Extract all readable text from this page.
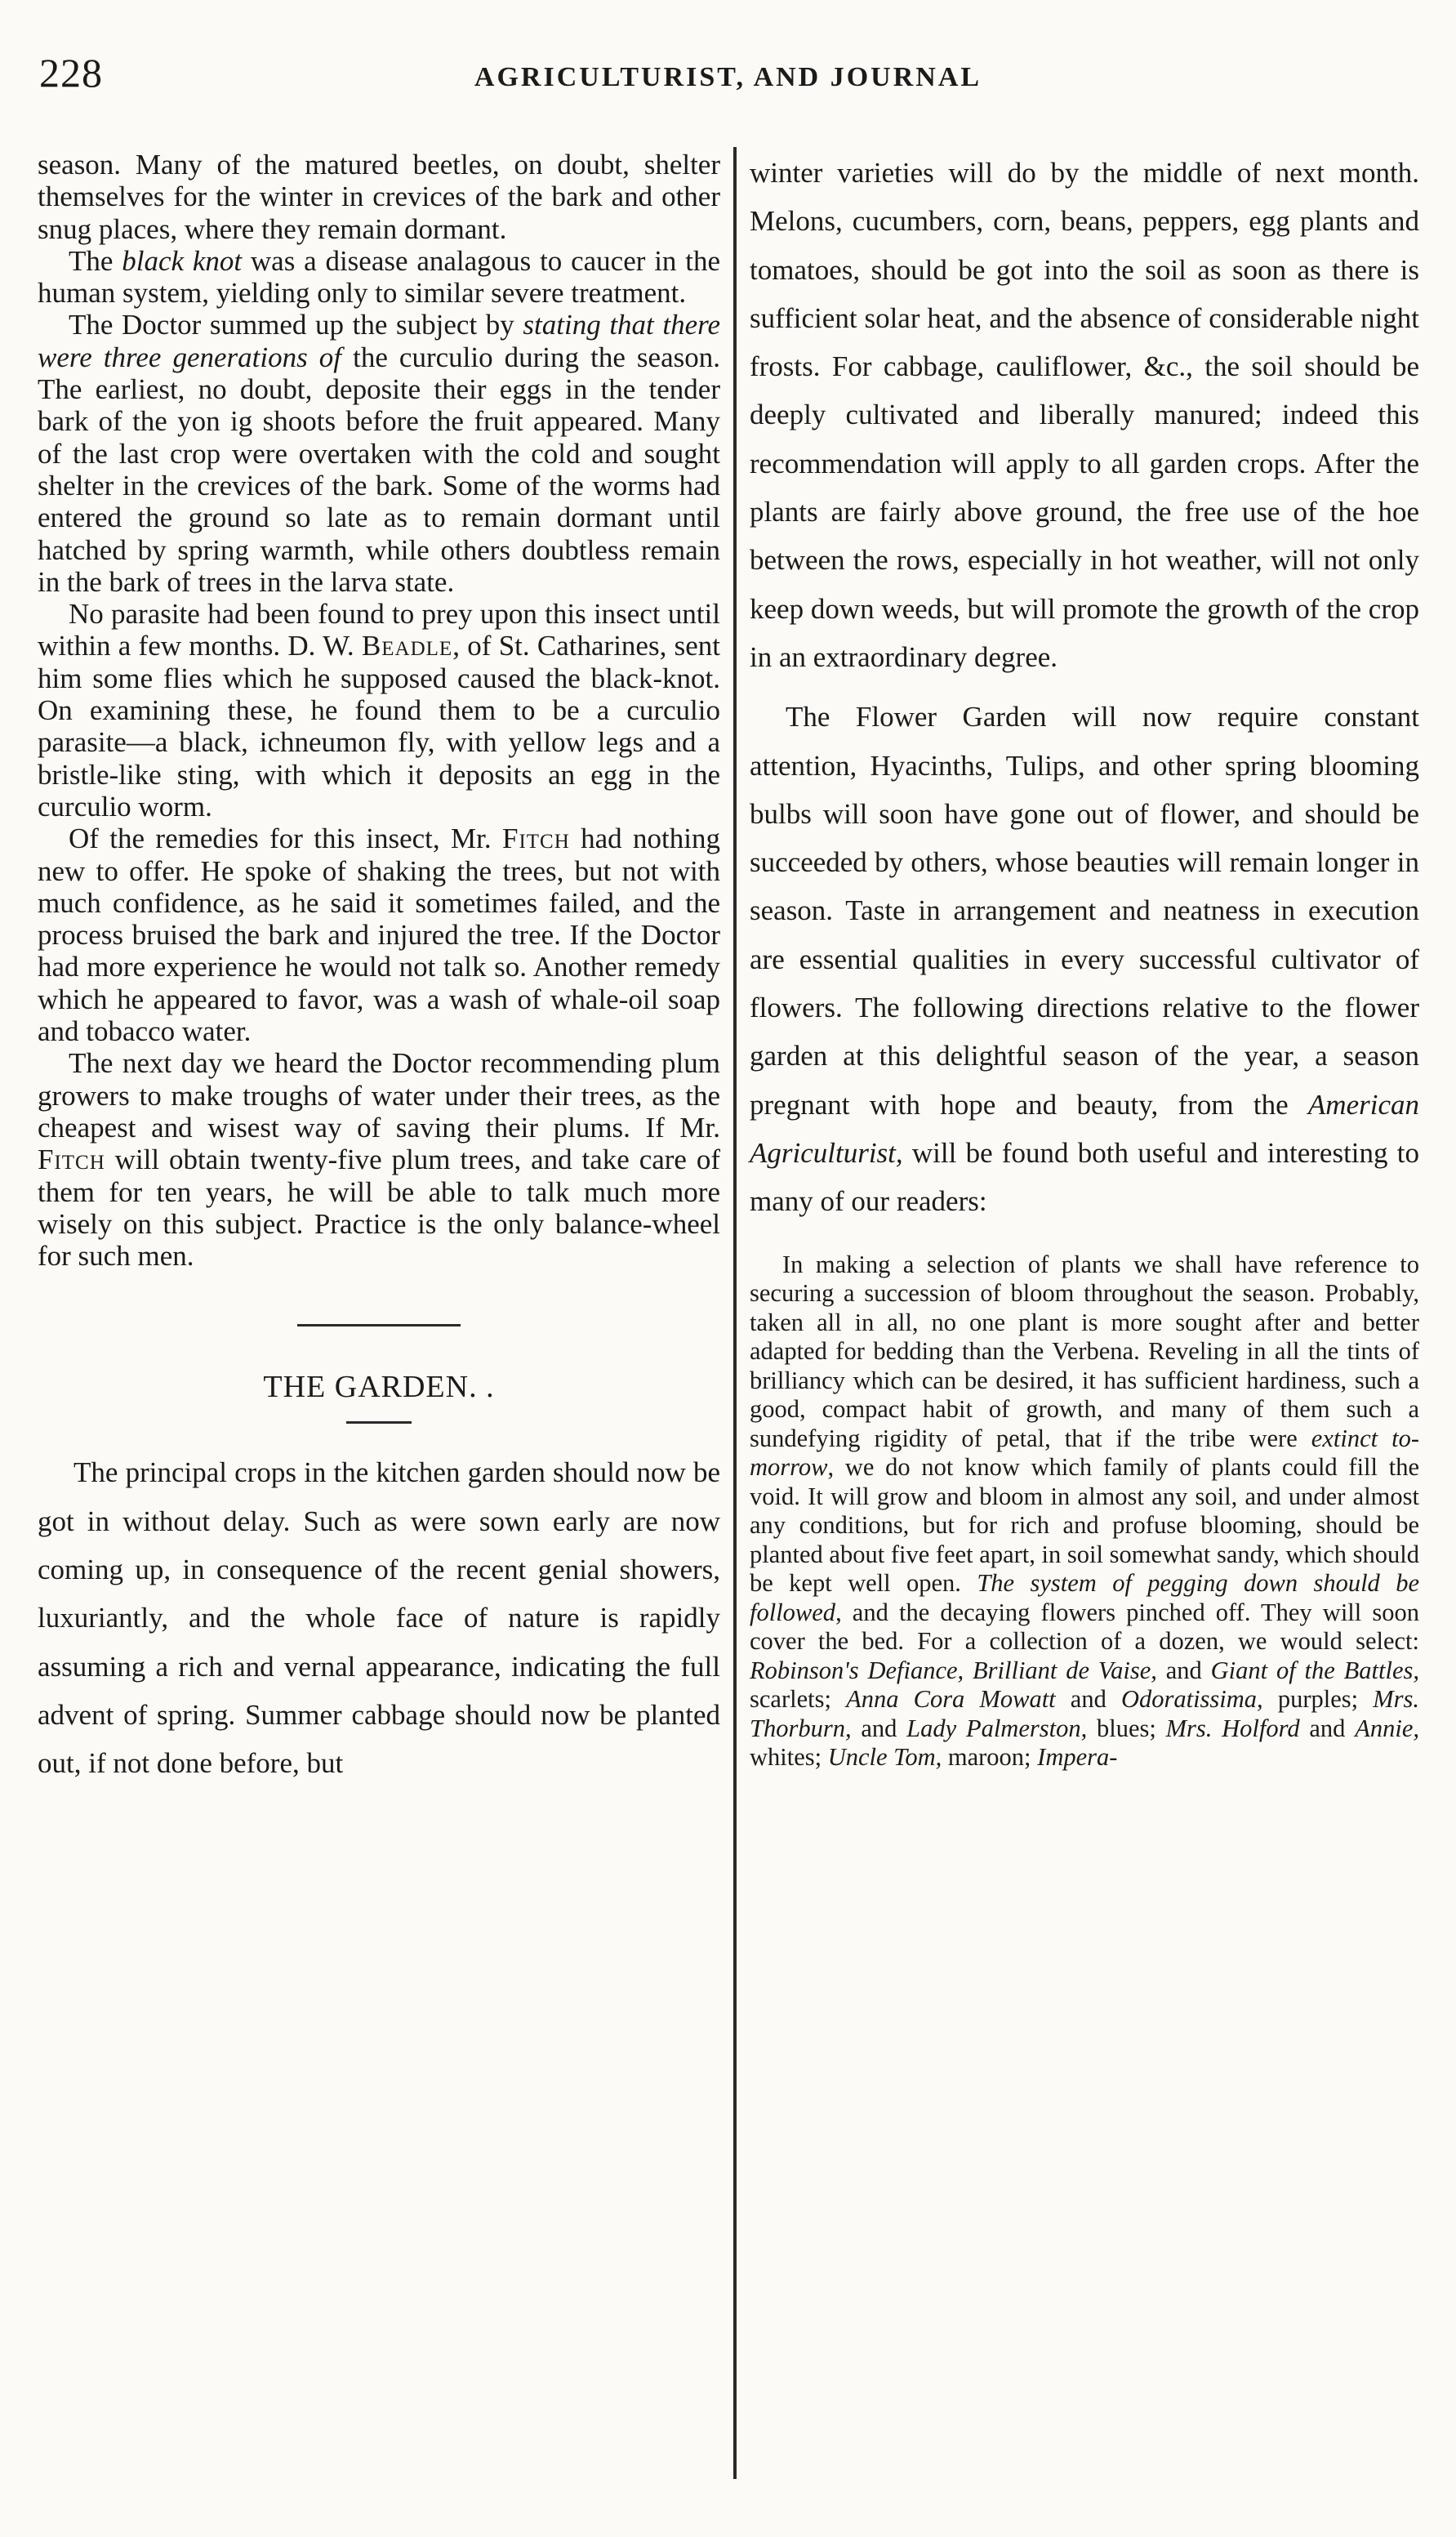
228	AGRICULTURIST, AND JOURNAL

season. Many of the matured beetles, on doubt, shelter themselves for the winter in crevices of the bark and other snug places, where they remain dormant.

The black knot was a disease analagous to caucer in the human system, yielding only to similar severe treatment.

The Doctor summed up the subject by stating that there were three generations of the curculio during the season. The earliest, no doubt, deposite their eggs in the tender bark of the yon ig shoots before the fruit appeared. Many of the last crop were overtaken with the cold and sought shelter in the crevices of the bark. Some of the worms had entered the ground so late as to remain dormant until hatched by spring warmth, while others doubtless remain in the bark of trees in the larva state.

No parasite had been found to prey upon this insect until within a few months. D. W. Beadle, of St. Catharines, sent him some flies which he supposed caused the black-knot. On examining these, he found them to be a curculio parasite—a black, ichneumon fly, with yellow legs and a bristle-like sting, with which it deposits an egg in the curculio worm.

Of the remedies for this insect, Mr. Fitch had nothing new to offer. He spoke of shaking the trees, but not with much confidence, as he said it sometimes failed, and the process bruised the bark and injured the tree. If the Doctor had more experience he would not talk so. Another remedy which he appeared to favor, was a wash of whale-oil soap and tobacco water.

The next day we heard the Doctor recommending plum growers to make troughs of water under their trees, as the cheapest and wisest way of saving their plums. If Mr. Fitch will obtain twenty-five plum trees, and take care of them for ten years, he will be able to talk much more wisely on this subject. Practice is the only balance-wheel for such men.

THE GARDEN. .

The principal crops in the kitchen garden should now be got in without delay. Such as were sown early are now coming up, in consequence of the recent genial showers, luxuriantly, and the whole face of nature is rapidly assuming a rich and vernal appearance, indicating the full advent of spring. Summer cabbage should now be planted out, if not done before, but

winter varieties will do by the middle of next month. Melons, cucumbers, corn, beans, peppers, egg plants and tomatoes, should be got into the soil as soon as there is sufficient solar heat, and the absence of considerable night frosts. For cabbage, cauliflower, &c., the soil should be deeply cultivated and liberally manured; indeed this recommendation will apply to all garden crops. After the plants are fairly above ground, the free use of the hoe between the rows, especially in hot weather, will not only keep down weeds, but will promote the growth of the crop in an extraordinary degree.

The Flower Garden will now require constant attention, Hyacinths, Tulips, and other spring blooming bulbs will soon have gone out of flower, and should be succeeded by others, whose beauties will remain longer in season. Taste in arrangement and neatness in execution are essential qualities in every successful cultivator of flowers. The following directions relative to the flower garden at this delightful season of the year, a season pregnant with hope and beauty, from the American Agriculturist, will be found both useful and interesting to many of our readers:

In making a selection of plants we shall have reference to securing a succession of bloom throughout the season. Probably, taken all in all, no one plant is more sought after and better adapted for bedding than the Verbena. Reveling in all the tints of brilliancy which can be desired, it has sufficient hardiness, such a good, compact habit of growth, and many of them such a sundefying rigidity of petal, that if the tribe were extinct to-morrow, we do not know which family of plants could fill the void. It will grow and bloom in almost any soil, and under almost any conditions, but for rich and profuse blooming, should be planted about five feet apart, in soil somewhat sandy, which should be kept well open. The system of pegging down should be followed, and the decaying flowers pinched off. They will soon cover the bed. For a collection of a dozen, we would select: Robinson's Defiance, Brilliant de Vaise, and Giant of the Battles, scarlets; Anna Cora Mowatt and Odoratissima, purples; Mrs. Thorburn, and Lady Palmerston, blues; Mrs. Holford and Annie, whites; Uncle Tom, maroon; Impera-
